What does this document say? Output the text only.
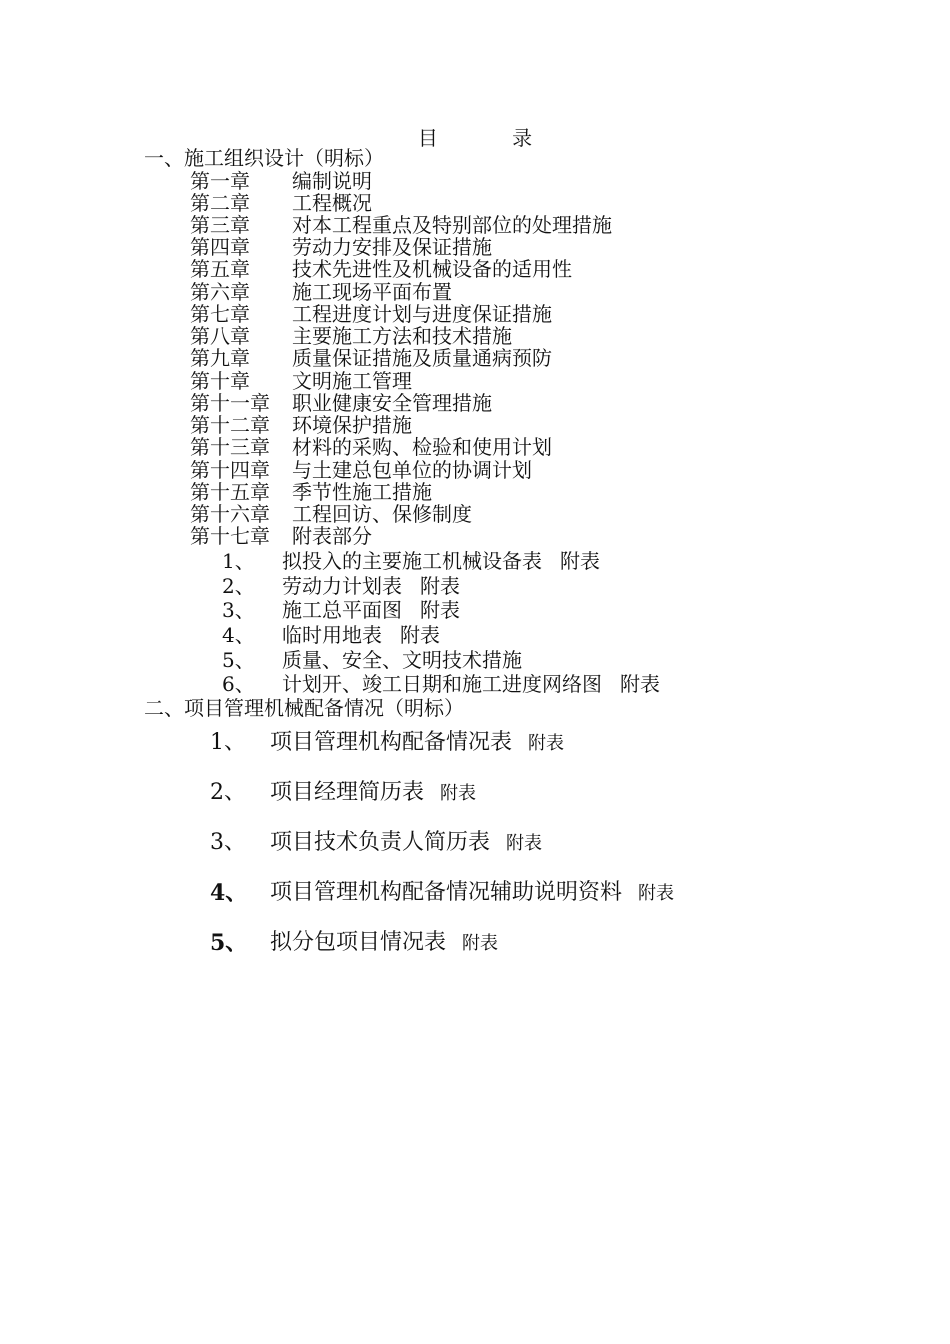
目 录
一、施工组织设计（明标）
第一章 编制说明
第二章 工程概况
第三章 对本工程重点及特别部位的处理措施
第四章 劳动力安排及保证措施
第五章 技术先进性及机械设备的适用性
第六章 施工现场平面布置
第七章 工程进度计划与进度保证措施
第八章 主要施工方法和技术措施
第九章 质量保证措施及质量通病预防
第十章 文明施工管理
第十一章 职业健康安全管理措施
第十二章 环境保护措施
第十三章 材料的采购、检验和使用计划
第十四章 与土建总包单位的协调计划
第十五章 季节性施工措施
第十六章 工程回访、保修制度
第十七章 附表部分
1、 拟投入的主要施工机械设备表 附表
2、 劳动力计划表 附表
3、 施工总平面图 附表
4、 临时用地表 附表
5、 质量、安全、文明技术措施
6、 计划开、竣工日期和施工进度网络图 附表
二、项目管理机械配备情况（明标）
1、 项目管理机构配备情况表 附表
2、 项目经理简历表 附表
3、 项目技术负责人简历表 附表
4、 项目管理机构配备情况辅助说明资料 附表
5、 拟分包项目情况表 附表
